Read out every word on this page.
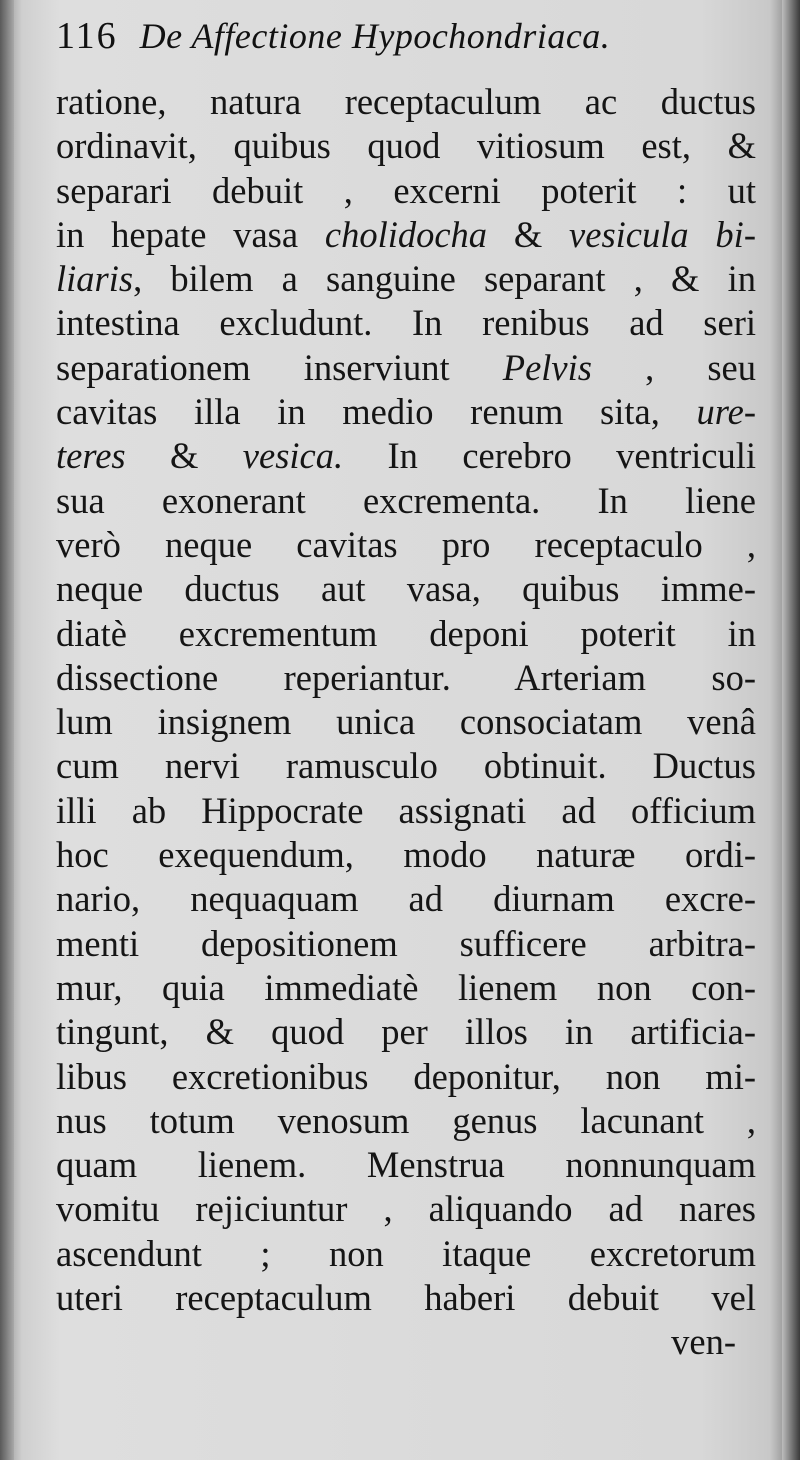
116 De Affectione Hypochondriaca.
ratione, natura receptaculum ac ductus
ordinavit, quibus quod vitiosum est, &
separari debuit , excerni poterit : ut
in hepate vasa cholidocha & vesicula bi-
liaris, bilem a sanguine separant , & in
intestina excludunt. In renibus ad seri
separationem inserviunt Pelvis , seu
cavitas illa in medio renum sita, ure-
teres & vesica. In cerebro ventriculi
sua exonerant excrementa. In liene
verò neque cavitas pro receptaculo ,
neque ductus aut vasa, quibus imme-
diatè excrementum deponi poterit in
dissectione reperiantur. Arteriam so-
lum insignem unica consociatam venâ
cum nervi ramusculo obtinuit. Ductus
illi ab Hippocrate assignati ad officium
hoc exequendum, modo naturæ ordi-
nario, nequaquam ad diurnam excre-
menti depositionem sufficere arbitra-
mur, quia immediatè lienem non con-
tingunt, & quod per illos in artificia-
libus excretionibus deponitur, non mi-
nus totum venosum genus lacunant ,
quam lienem. Menstrua nonnunquam
vomitu rejiciuntur , aliquando ad nares
ascendunt ; non itaque excretorum
uteri receptaculum haberi debuit vel
ven-
